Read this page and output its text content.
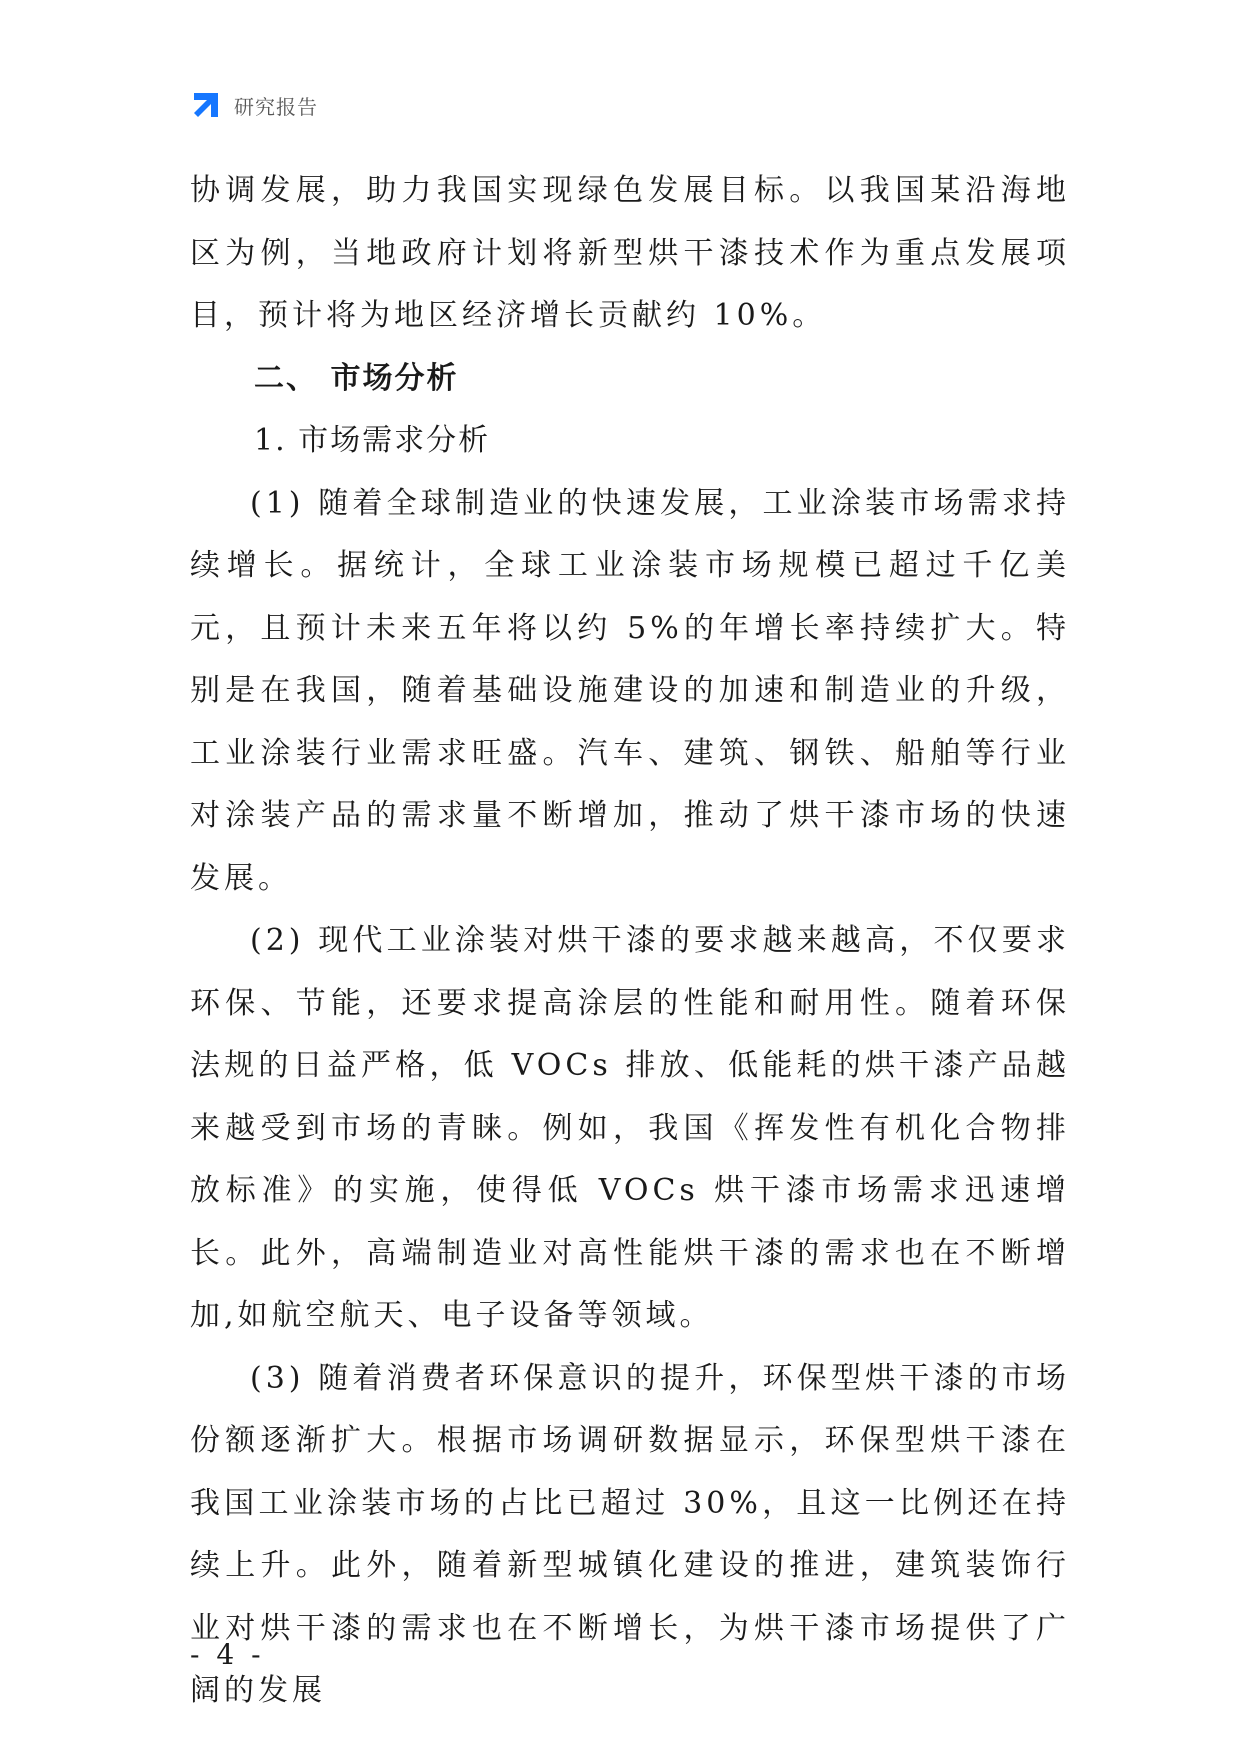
研究报告

协调发展，助力我国实现绿色发展目标。以我国某沿海地区为例，当地政府计划将新型烘干漆技术作为重点发展项目，预计将为地区经济增长贡献约 10%。

二、 市场分析

1. 市场需求分析

(1) 随着全球制造业的快速发展，工业涂装市场需求持续增长。据统计，全球工业涂装市场规模已超过千亿美元，且预计未来五年将以约 5%的年增长率持续扩大。特别是在我国，随着基础设施建设的加速和制造业的升级，工业涂装行业需求旺盛。汽车、建筑、钢铁、船舶等行业对涂装产品的需求量不断增加，推动了烘干漆市场的快速发展。

(2) 现代工业涂装对烘干漆的要求越来越高，不仅要求环保、节能，还要求提高涂层的性能和耐用性。随着环保法规的日益严格，低 VOCs 排放、低能耗的烘干漆产品越来越受到市场的青睐。例如，我国《挥发性有机化合物排放标准》的实施，使得低 VOCs 烘干漆市场需求迅速增长。此外，高端制造业对高性能烘干漆的需求也在不断增加,如航空航天、电子设备等领域。

(3) 随着消费者环保意识的提升，环保型烘干漆的市场份额逐渐扩大。根据市场调研数据显示，环保型烘干漆在我国工业涂装市场的占比已超过 30%，且这一比例还在持续上升。此外，随着新型城镇化建设的推进，建筑装饰行业对烘干漆的需求也在不断增长，为烘干漆市场提供了广阔的发展

- 4 -
